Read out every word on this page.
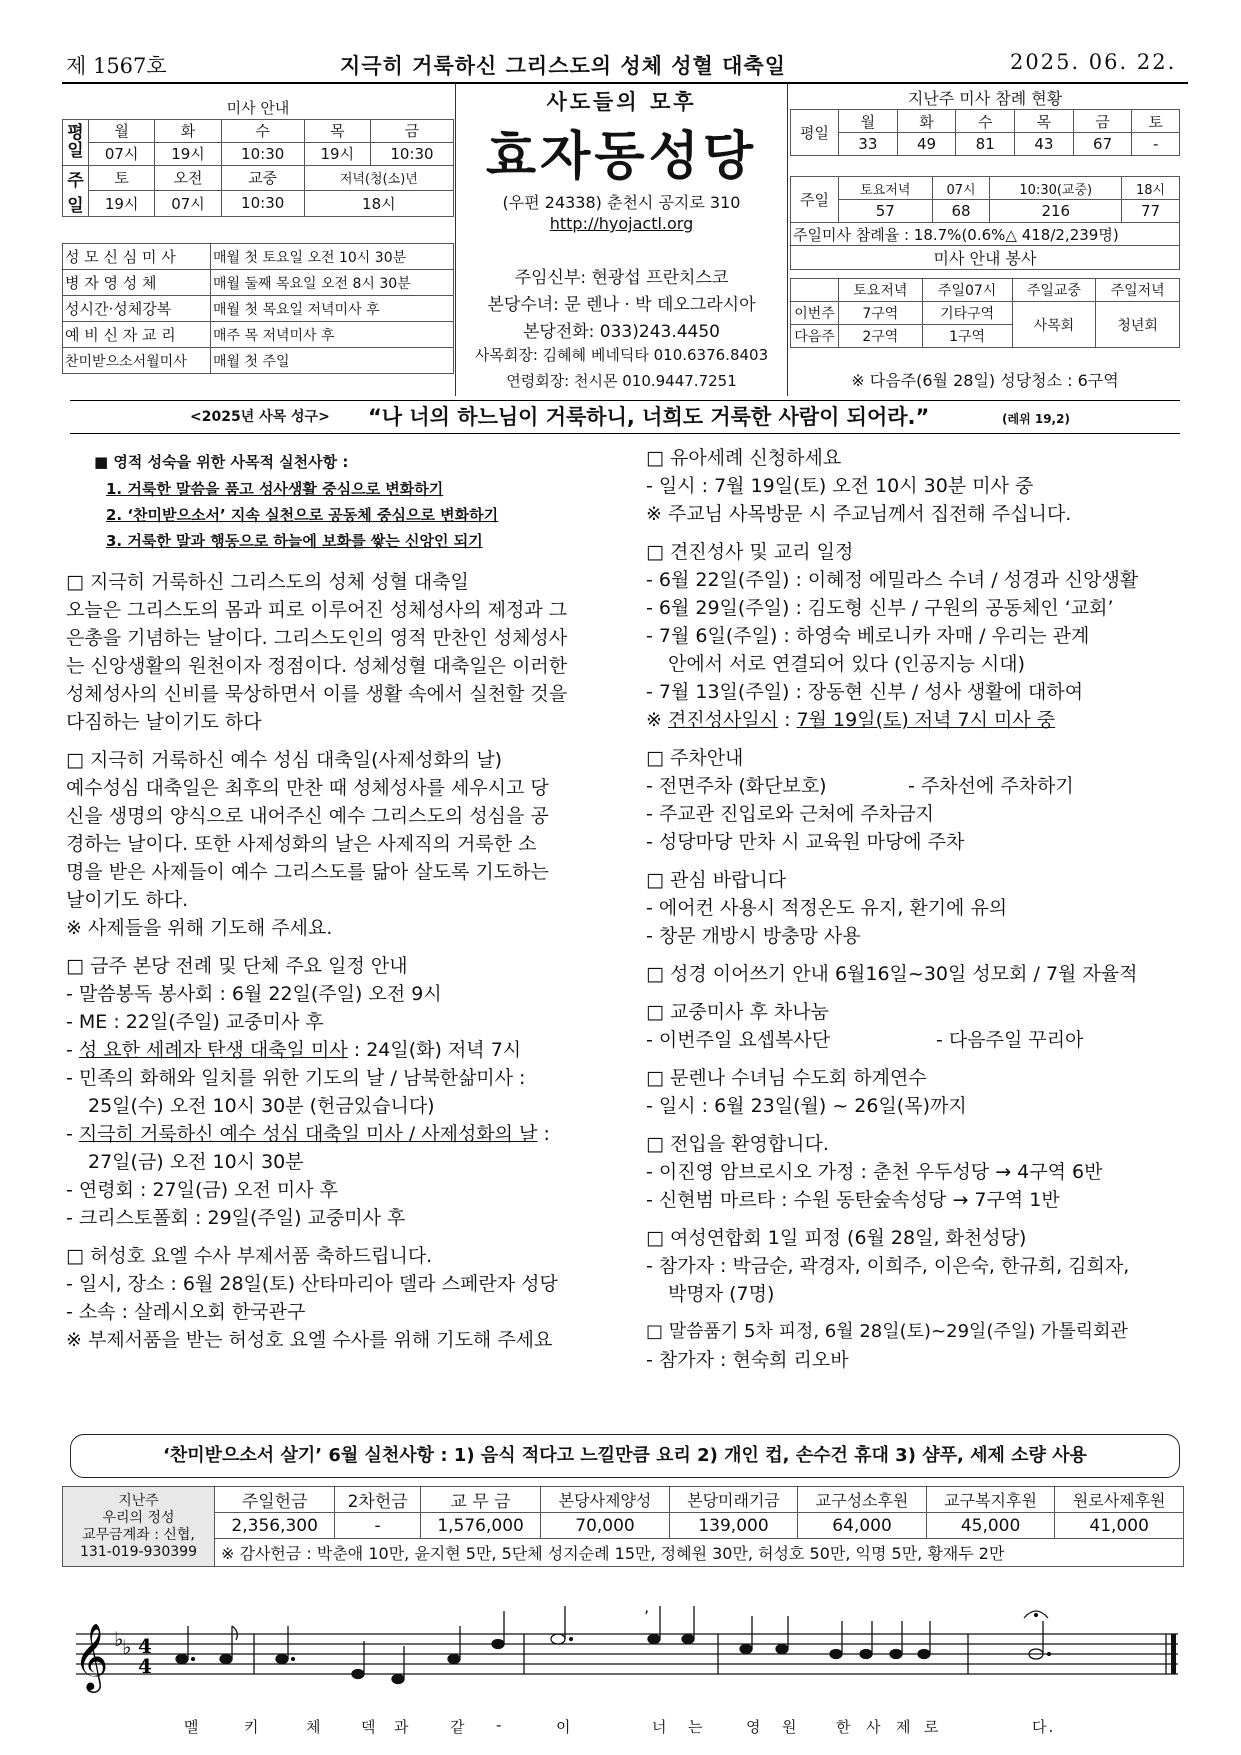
제 1567호	지극히 거룩하신 그리스도의 성체 성혈 대축일	2025. 06. 22.
미사 안내					
평일	월	화	수	목	금
	07시	19시	10:30	19시	10:30
주일	토	오전	교중	저녁(청(소)년	
	19시	07시	10:30	18시	
성 모 신 심 미 사	매월 첫 토요일 오전 10시 30분
병 자 영 성 체	매월 둘째 목요일 오전 8시 30분
성시간·성체강복	매월 첫 목요일 저녁미사 후
예 비 신 자 교 리	매주 목 저녁미사 후
찬미받으소서월미사	매월 첫 주일
사도들의 모후
효자동성당
(우편 24338) 춘천시 공지로 310
http://hyojactl.org
주임신부: 현광섭 프란치스코
본당수녀: 문 렌나 · 박 데오그라시아
본당전화: 033)243.4450
사목회장: 김혜혜 베네딕타 010.6376.8403
연령회장: 천시몬 010.9447.7251
지난주 미사 참례 현황						
평일	월	화	수	목	금	토
	33	49	81	43	67	-
주일	토요저녁	07시	10:30(교중)	18시
	57	68	216	77
주일미사 참례율 : 18.7%(0.6%△ 418/2,239명)				
미사 안내 봉사				
	토요저녁	주일07시	주일교중	주일저녁
이번주	7구역	기타구역	사목회	청년회
다음주	2구역	1구역		
※ 다음주(6월 28일) 성당청소 : 6구역
<2025년 사목 성구> “나 너의 하느님이 거룩하니, 너희도 거룩한 사람이 되어라.”	(레위 19,2)

■ 영적 성숙을 위한 사목적 실천사항 :

1. 거룩한 말씀을 품고 성사생활 중심으로 변화하기

2. ‘찬미받으소서’ 지속 실천으로 공동체 중심으로 변화하기

3. 거룩한 말과 행동으로 하늘에 보화를 쌓는 신앙인 되기

□ 지극히 거룩하신 그리스도의 성체 성혈 대축일

오늘은 그리스도의 몸과 피로 이루어진 성체성사의 제정과 그

은총을 기념하는 날이다. 그리스도인의 영적 만찬인 성체성사

는 신앙생활의 원천이자 정점이다. 성체성혈 대축일은 이러한

성체성사의 신비를 묵상하면서 이를 생활 속에서 실천할 것을

다짐하는 날이기도 하다

□ 지극히 거룩하신 예수 성심 대축일(사제성화의 날)

예수성심 대축일은 최후의 만찬 때 성체성사를 세우시고 당

신을 생명의 양식으로 내어주신 예수 그리스도의 성심을 공

경하는 날이다. 또한 사제성화의 날은 사제직의 거룩한 소

명을 받은 사제들이 예수 그리스도를 닮아 살도록 기도하는

날이기도 하다.

※ 사제들을 위해 기도해 주세요.

□ 금주 본당 전례 및 단체 주요 일정 안내

- 말씀봉독 봉사회 : 6월 22일(주일) 오전 9시

- ME : 22일(주일) 교중미사 후

- 성 요한 세례자 탄생 대축일 미사 : 24일(화) 저녁 7시

- 민족의 화해와 일치를 위한 기도의 날 / 남북한삶미사 :

25일(수) 오전 10시 30분 (헌금있습니다)

- 지극히 거룩하신 예수 성심 대축일 미사 / 사제성화의 날 :

27일(금) 오전 10시 30분

- 연령회 : 27일(금) 오전 미사 후

- 크리스토폴회 : 29일(주일) 교중미사 후

□ 허성호 요엘 수사 부제서품 축하드립니다.

- 일시, 장소 : 6월 28일(토) 산타마리아 델라 스페란자 성당

- 소속 : 살레시오회 한국관구

※ 부제서품을 받는 허성호 요엘 수사를 위해 기도해 주세요

□ 유아세례 신청하세요

- 일시 : 7월 19일(토) 오전 10시 30분 미사 중

※ 주교님 사목방문 시 주교님께서 집전해 주십니다.

□ 견진성사 및 교리 일정

- 6월 22일(주일) : 이혜정 에밀라스 수녀 / 성경과 신앙생활

- 6월 29일(주일) : 김도형 신부 / 구원의 공동체인 ‘교회’

- 7월 6일(주일) : 하영숙 베로니카 자매 / 우리는 관계

안에서 서로 연결되어 있다 (인공지능 시대)

- 7월 13일(주일) : 장동현 신부 / 성사 생활에 대하여

※ 견진성사일시 : 7월 19일(토) 저녁 7시 미사 중

□ 주차안내

- 전면주차 (화단보호)	- 주차선에 주차하기

- 주교관 진입로와 근처에 주차금지

- 성당마당 만차 시 교육원 마당에 주차

□ 관심 바랍니다

- 에어컨 사용시 적정온도 유지, 환기에 유의

- 창문 개방시 방충망 사용

□ 성경 이어쓰기 안내 6월16일~30일 성모회 / 7월 자율적

□ 교중미사 후 차나눔

- 이번주일 요셉복사단	- 다음주일 꾸리아

□ 문렌나 수녀님 수도회 하계연수

- 일시 : 6월 23일(월) ~ 26일(목)까지

□ 전입을 환영합니다.

- 이진영 암브로시오 가정 : 춘천 우두성당 → 4구역 6반

- 신현범 마르타 : 수원 동탄숲속성당 → 7구역 1반

□ 여성연합회 1일 피정 (6월 28일, 화천성당)

- 참가자 : 박금순, 곽경자, 이희주, 이은숙, 한규희, 김희자,

박명자 (7명)

□ 말씀품기 5차 피정, 6월 28일(토)~29일(주일) 가톨릭회관

- 참가자 : 현숙희 리오바

‘찬미받으소서 살기’ 6월 실천사항 : 1) 음식 적다고 느낄만큼 요리 2) 개인 컵, 손수건 휴대 3) 샴푸, 세제 소량 사용
지난주
우리의 정성
교무금계좌 : 신협,
131-019-930399	주일헌금	2차헌금	교 무 금	본당사제양성	본당미래기금	교구성소후원	교구복지후원	원로사제후원
	2,356,300	-	1,576,000	70,000	139,000	64,000	45,000	41,000
	※ 감사헌금 : 박춘애 10만, 윤지현 5만, 5단체 성지순례 15만, 정혜원 30만, 허성호 50만, 익명 5만, 황재두 2만							
𝄞 ♭
♭ 4
4
’
멜	키	체	덱 과	같 -	이	너 는	영 원	한 사 제 로	다.
